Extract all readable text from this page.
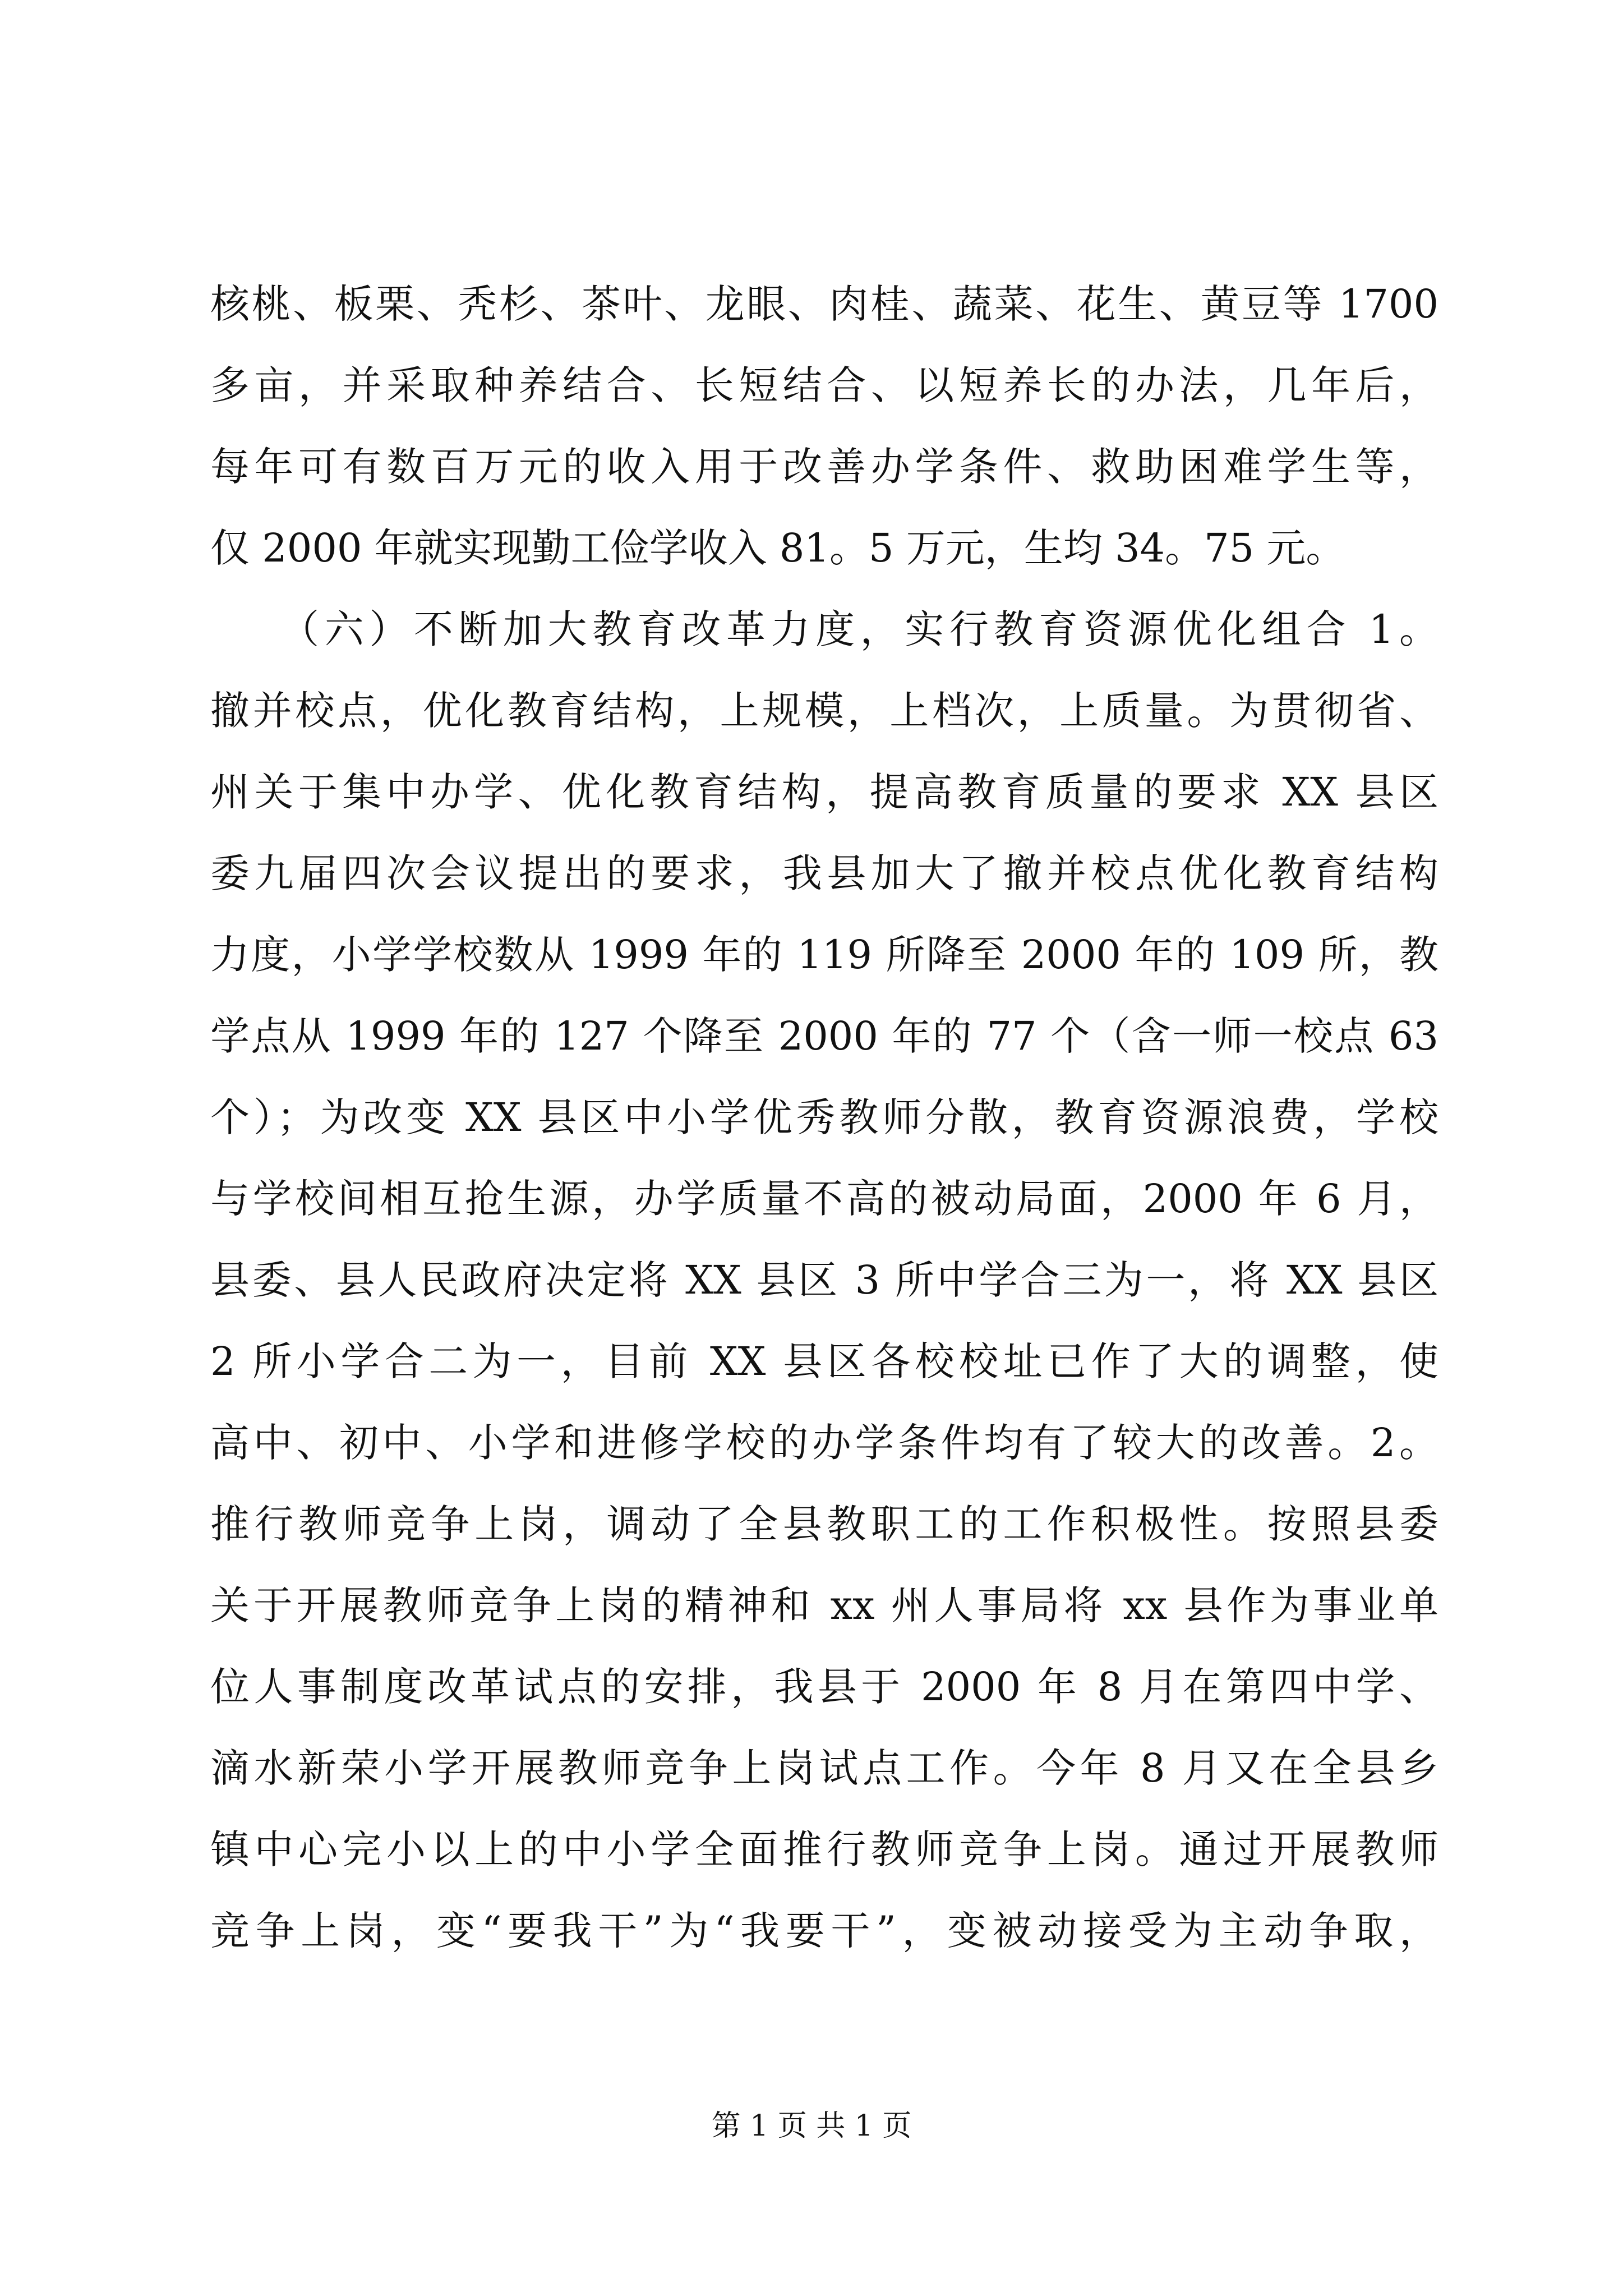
核桃、板栗、秃杉、茶叶、龙眼、肉桂、蔬菜、花生、黄豆等 1700
多亩，并采取种养结合、长短结合、以短养长的办法，几年后，
每年可有数百万元的收入用于改善办学条件、救助困难学生等，
仅 2000 年就实现勤工俭学收入 81。5 万元，生均 34。75 元。
　　（六）不断加大教育改革力度，实行教育资源优化组合 1。
撤并校点，优化教育结构，上规模，上档次，上质量。为贯彻省、
州关于集中办学、优化教育结构，提高教育质量的要求 XX 县区
委九届四次会议提出的要求，我县加大了撤并校点优化教育结构
力度，小学学校数从 1999 年的 119 所降至 2000 年的 109 所，教
学点从 1999 年的 127 个降至 2000 年的 77 个（含一师一校点 63
个）；为改变 XX 县区中小学优秀教师分散，教育资源浪费，学校
与学校间相互抢生源，办学质量不高的被动局面，2000 年 6 月，
县委、县人民政府决定将 XX 县区 3 所中学合三为一，将 XX 县区
2 所小学合二为一，目前 XX 县区各校校址已作了大的调整，使
高中、初中、小学和进修学校的办学条件均有了较大的改善。2。
推行教师竞争上岗，调动了全县教职工的工作积极性。按照县委
关于开展教师竞争上岗的精神和 xx 州人事局将 xx 县作为事业单
位人事制度改革试点的安排，我县于 2000 年 8 月在第四中学、
滴水新荣小学开展教师竞争上岗试点工作。今年 8 月又在全县乡
镇中心完小以上的中小学全面推行教师竞争上岗。通过开展教师
竞争上岗，变“要我干”为“我要干”，变被动接受为主动争取，
第 1 页 共 1 页
